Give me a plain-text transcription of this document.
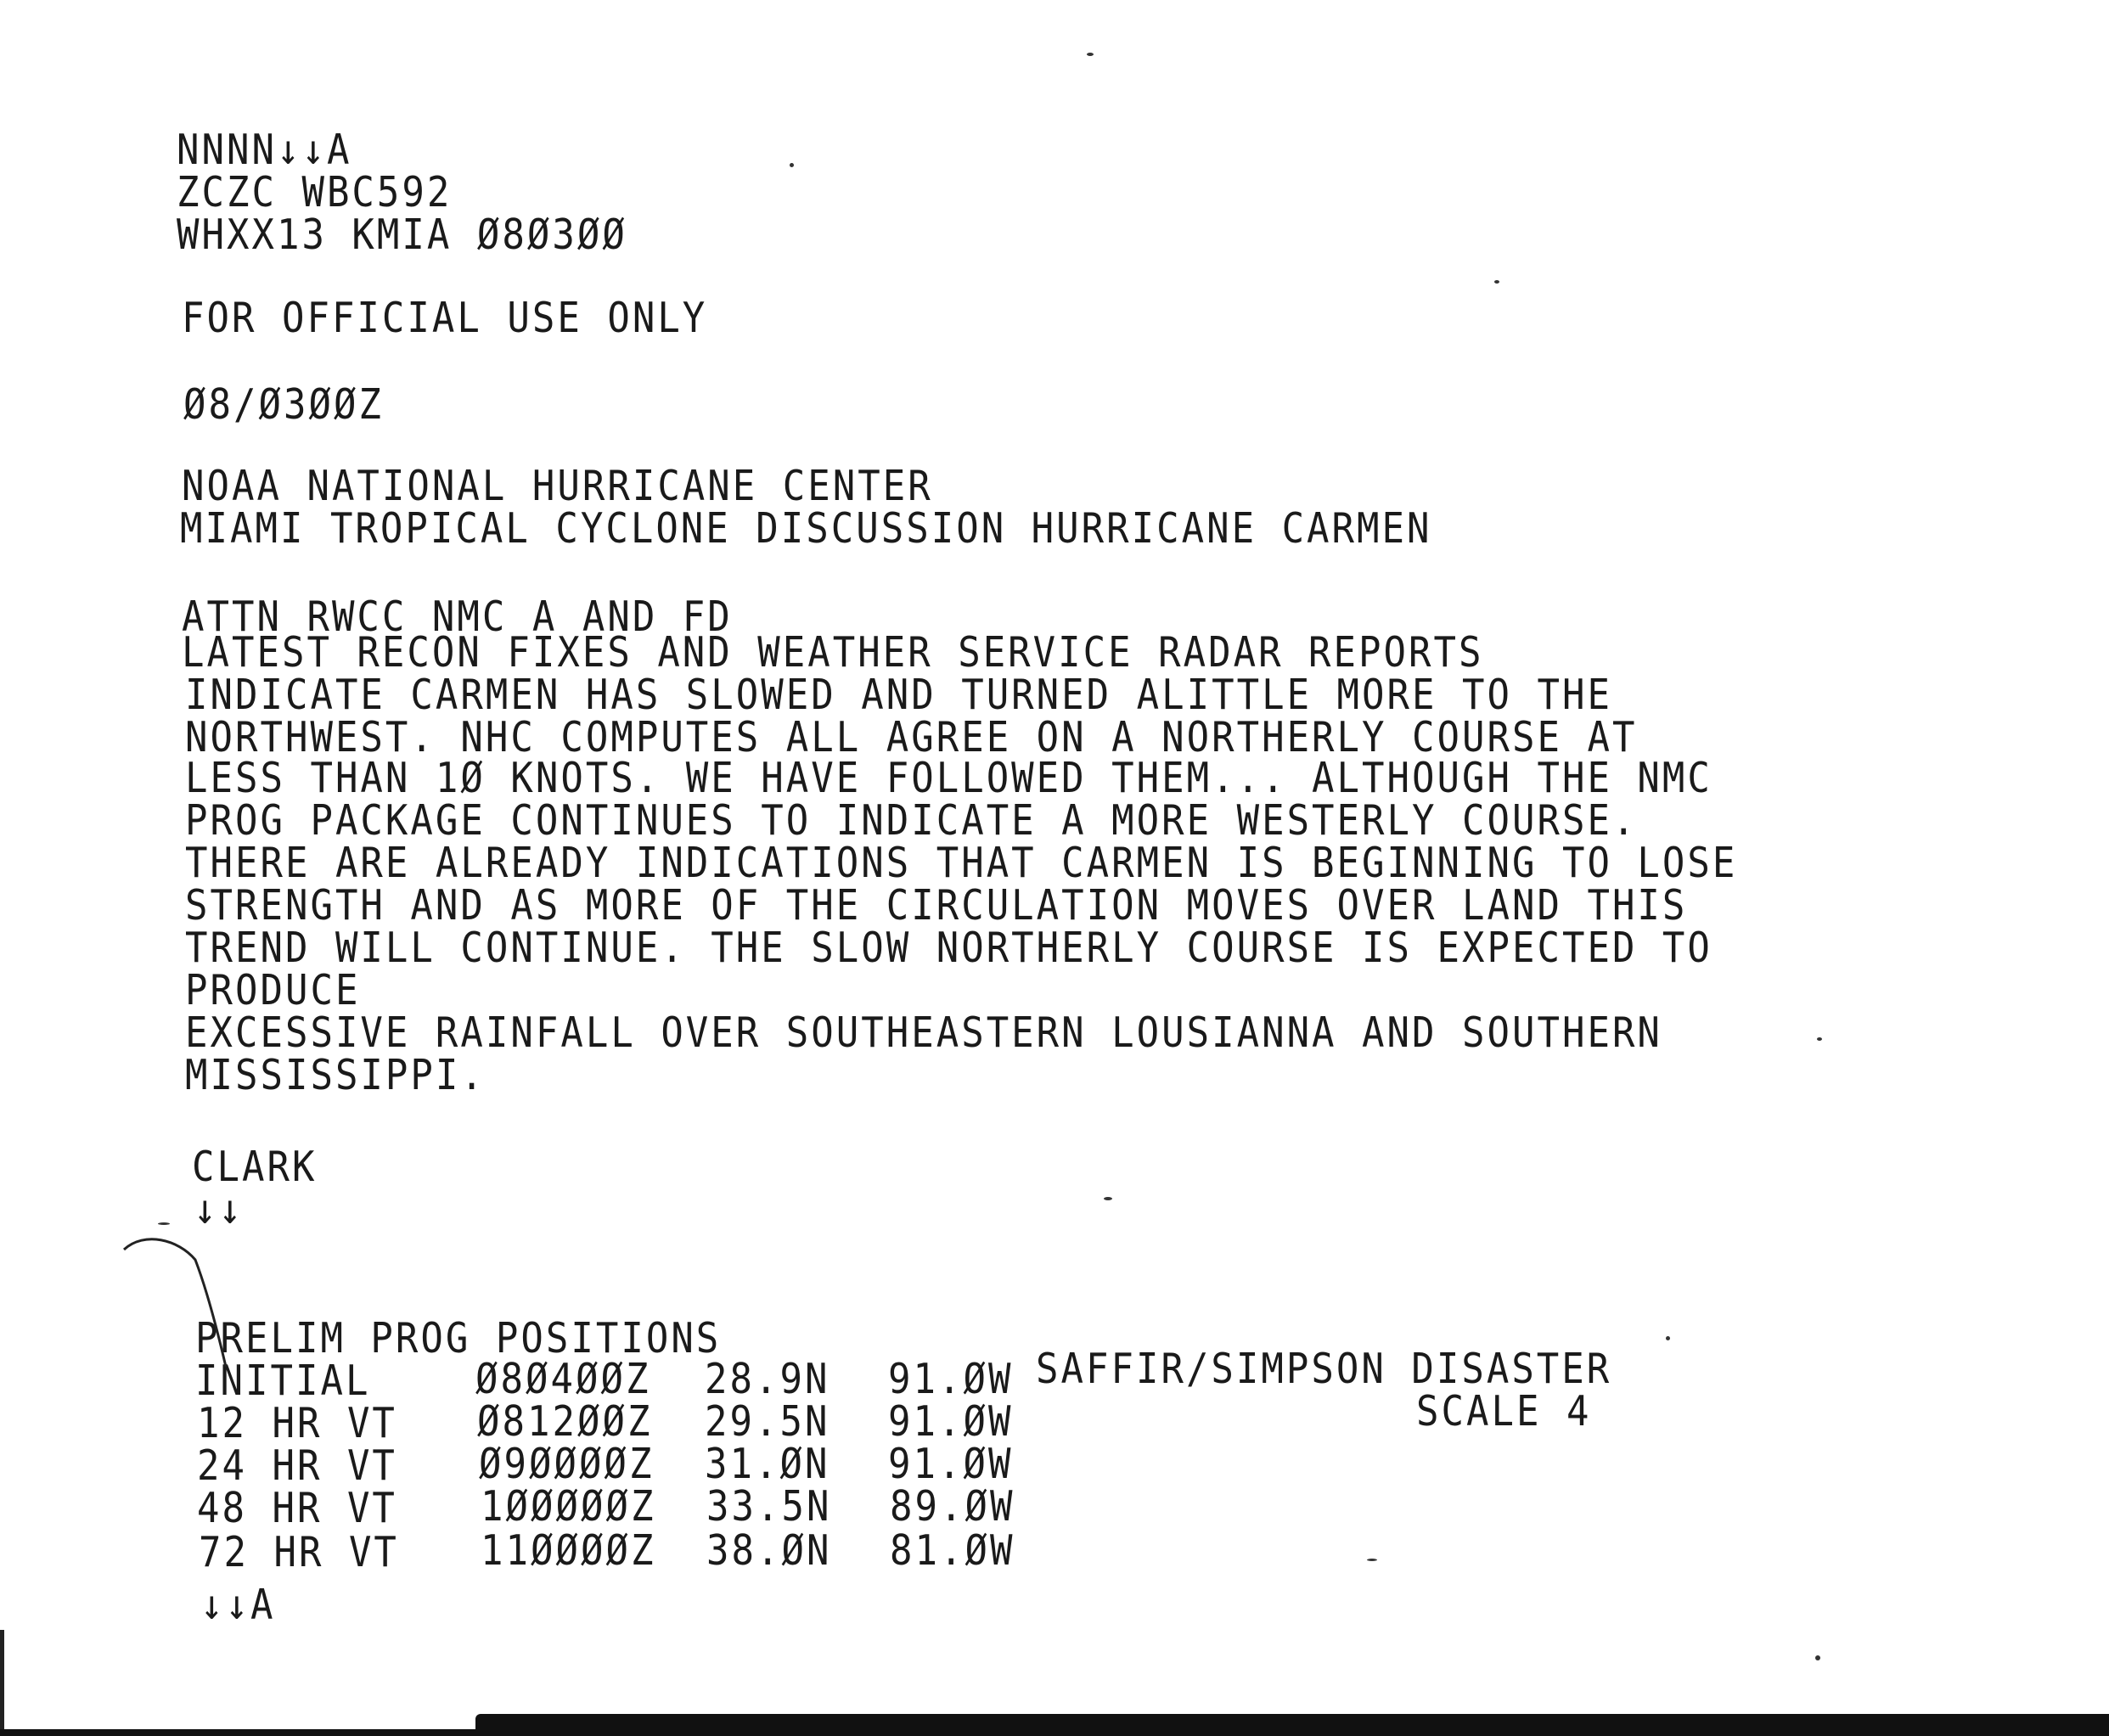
NNNN↓↓A
ZCZC WBC592
WHXX13 KMIA Ø8Ø3ØØ
FOR OFFICIAL USE ONLY
Ø8/Ø3ØØZ
NOAA NATIONAL HURRICANE CENTER
MIAMI TROPICAL CYCLONE DISCUSSION HURRICANE CARMEN
ATTN RWCC NMC A AND FD
LATEST RECON FIXES AND WEATHER SERVICE RADAR REPORTS
INDICATE CARMEN HAS SLOWED AND TURNED ALITTLE MORE TO THE
NORTHWEST. NHC COMPUTES ALL AGREE ON A NORTHERLY COURSE AT
LESS THAN 1Ø KNOTS. WE HAVE FOLLOWED THEM... ALTHOUGH THE NMC
PROG PACKAGE CONTINUES TO INDICATE A MORE WESTERLY COURSE.
THERE ARE ALREADY INDICATIONS THAT CARMEN IS BEGINNING TO LOSE
STRENGTH AND AS MORE OF THE CIRCULATION MOVES OVER LAND THIS
TREND WILL CONTINUE. THE SLOW NORTHERLY COURSE IS EXPECTED TO
PRODUCE
EXCESSIVE RAINFALL OVER SOUTHEASTERN LOUSIANNA AND SOUTHERN
MISSISSIPPI.
CLARK
↓↓
PRELIM PROG POSITIONS
INITIAL	Ø8Ø4ØØZ 28.9N 91.ØW
12 HR VT Ø812ØØZ 29.5N 91.ØW
24 HR VT Ø9ØØØØZ 31.ØN 91.ØW
48 HR VT 1ØØØØØZ 33.5N 89.ØW
72 HR VT 11ØØØØZ 38.ØN 81.ØW
SAFFIR/SIMPSON DISASTER
SCALE 4
↓↓A
